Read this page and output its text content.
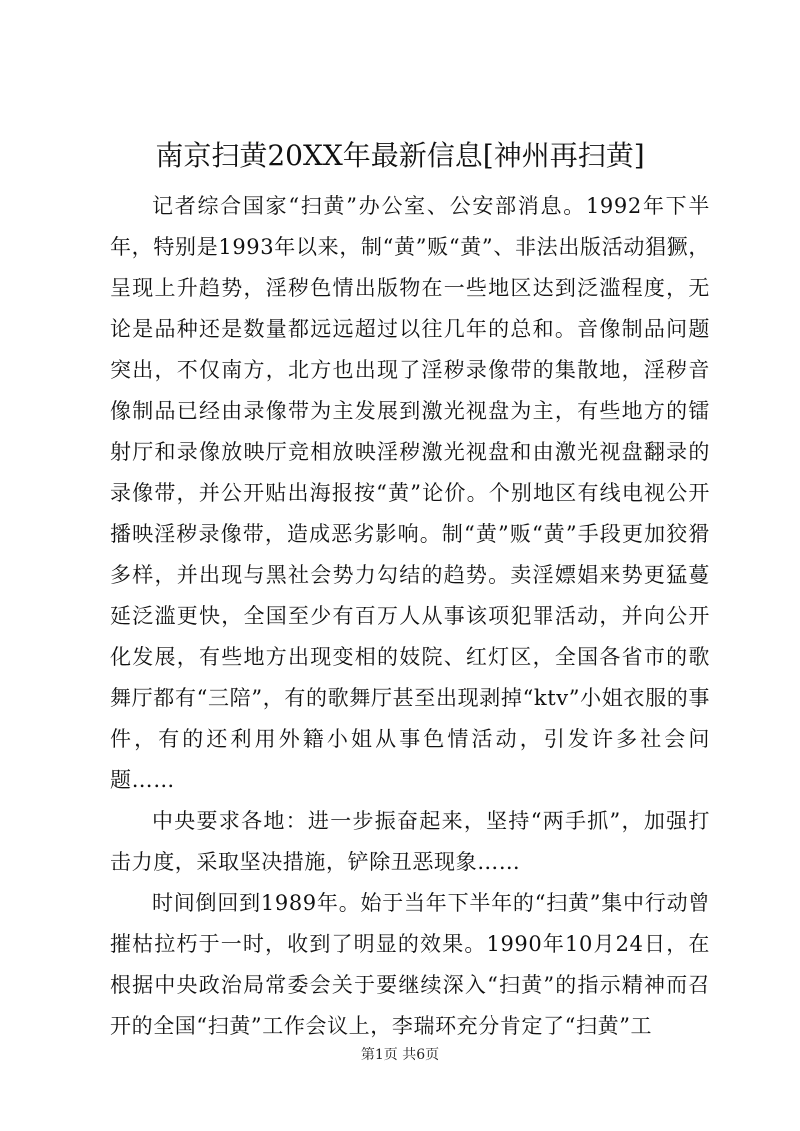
南京扫黄20XX年最新信息[神州再扫黄]

记者综合国家“扫黄”办公室、公安部消息。1992年下半年，特别是1993年以来，制“黄”贩“黄”、非法出版活动猖獗，呈现上升趋势，淫秽色情出版物在一些地区达到泛滥程度，无论是品种还是数量都远远超过以往几年的总和。音像制品问题突出，不仅南方，北方也出现了淫秽录像带的集散地，淫秽音像制品已经由录像带为主发展到激光视盘为主，有些地方的镭射厅和录像放映厅竞相放映淫秽激光视盘和由激光视盘翻录的录像带，并公开贴出海报按“黄”论价。个别地区有线电视公开播映淫秽录像带，造成恶劣影响。制“黄”贩“黄”手段更加狡猾多样，并出现与黑社会势力勾结的趋势。卖淫嫖娼来势更猛蔓延泛滥更快，全国至少有百万人从事该项犯罪活动，并向公开化发展，有些地方出现变相的妓院、红灯区，全国各省市的歌舞厅都有“三陪”，有的歌舞厅甚至出现剥掉“ktv”小姐衣服的事件，有的还利用外籍小姐从事色情活动，引发许多社会问题……

中央要求各地：进一步振奋起来，坚持“两手抓”，加强打击力度，采取坚决措施，铲除丑恶现象……

时间倒回到1989年。始于当年下半年的“扫黄”集中行动曾摧枯拉朽于一时，收到了明显的效果。1990年10月24日，在根据中央政治局常委会关于要继续深入“扫黄”的指示精神而召开的全国“扫黄”工作会议上，李瑞环充分肯定了“扫黄”工

第1页 共6页
